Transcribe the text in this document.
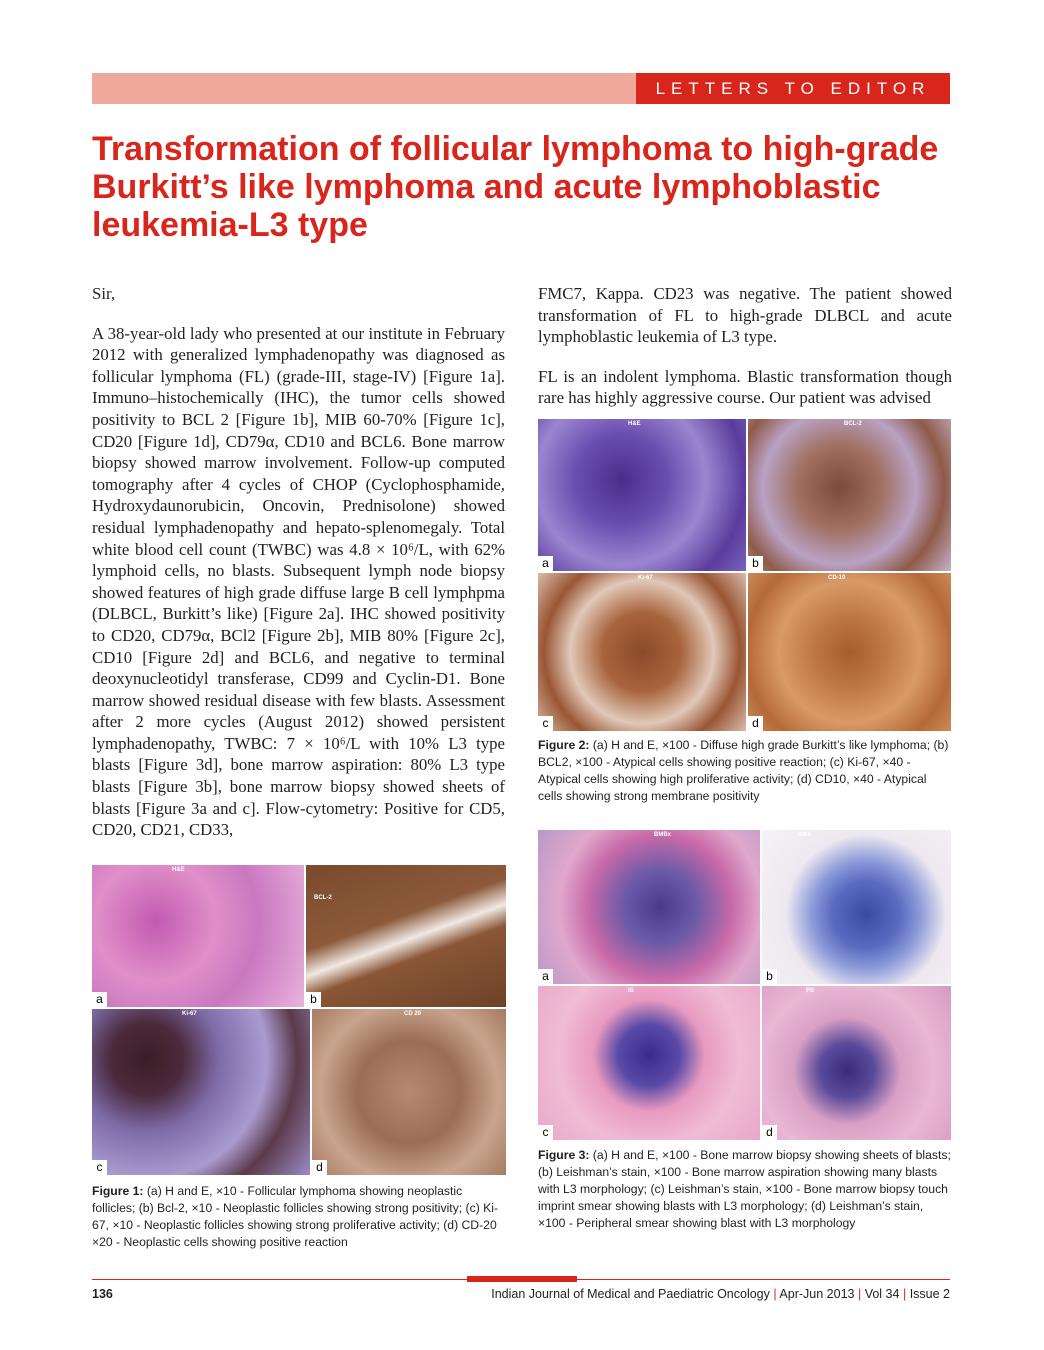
LETTERS TO EDITOR
Transformation of follicular lymphoma to high-grade Burkitt’s like lymphoma and acute lymphoblastic leukemia-L3 type

Sir,

A 38-year-old lady who presented at our institute in February 2012 with generalized lymphadenopathy was diagnosed as follicular lymphoma (FL) (grade-III, stage-IV) [Figure 1a]. Immuno–histochemically (IHC), the tumor cells showed positivity to BCL 2 [Figure 1b], MIB 60-70% [Figure 1c], CD20 [Figure 1d], CD79α, CD10 and BCL6. Bone marrow biopsy showed marrow involvement. Follow-up computed tomography after 4 cycles of CHOP (Cyclophosphamide, Hydroxydaunorubicin, Oncovin, Prednisolone) showed residual lymphadenopathy and hepato-splenomegaly. Total white blood cell count (TWBC) was 4.8 × 10⁶/L, with 62% lymphoid cells, no blasts. Subsequent lymph node biopsy showed features of high grade diffuse large B cell lymphpma (DLBCL, Burkitt’s like) [Figure 2a]. IHC showed positivity to CD20, CD79α, BCl2 [Figure 2b], MIB 80% [Figure 2c], CD10 [Figure 2d] and BCL6, and negative to terminal deoxynucleotidyl transferase, CD99 and Cyclin-D1. Bone marrow showed residual disease with few blasts. Assessment after 2 more cycles (August 2012) showed persistent lymphadenopathy, TWBC: 7 × 10⁶/L with 10% L3 type blasts [Figure 3d], bone marrow aspiration: 80% L3 type blasts [Figure 3b], bone marrow biopsy showed sheets of blasts [Figure 3a and c]. Flow-cytometry: Positive for CD5, CD20, CD21, CD33,

FMC7, Kappa. CD23 was negative. The patient showed transformation of FL to high-grade DLBCL and acute lymphoblastic leukemia of L3 type.

FL is an indolent lymphoma. Blastic transformation though rare has highly aggressive course. Our patient was advised

H&E
a
BCL-2
b
Ki-67
c
CD 20
d
Figure 1: (a) H and E, ×10 - Follicular lymphoma showing neoplastic follicles; (b) Bcl-2, ×10 - Neoplastic follicles showing strong positivity; (c) Ki-67, ×10 - Neoplastic follicles showing strong proliferative activity; (d) CD-20 ×20 - Neoplastic cells showing positive reaction
H&E
a
BCL-2
b
Ki-67
c
CD-10
d
Figure 2: (a) H and E, ×100 - Diffuse high grade Burkitt’s like lymphoma; (b) BCL2, ×100 - Atypical cells showing positive reaction; (c) Ki-67, ×40 - Atypical cells showing high proliferative activity; (d) CD10, ×40 - Atypical cells showing strong membrane positivity
BMBx
a
BMA
b
IS
c
PS
d
Figure 3: (a) H and E, ×100 - Bone marrow biopsy showing sheets of blasts; (b) Leishman’s stain, ×100 - Bone marrow aspiration showing many blasts with L3 morphology; (c) Leishman’s stain, ×100 - Bone marrow biopsy touch imprint smear showing blasts with L3 morphology; (d) Leishman’s stain, ×100 - Peripheral smear showing blast with L3 morphology
136	Indian Journal of Medical and Paediatric Oncology | Apr-Jun 2013 | Vol 34 | Issue 2
